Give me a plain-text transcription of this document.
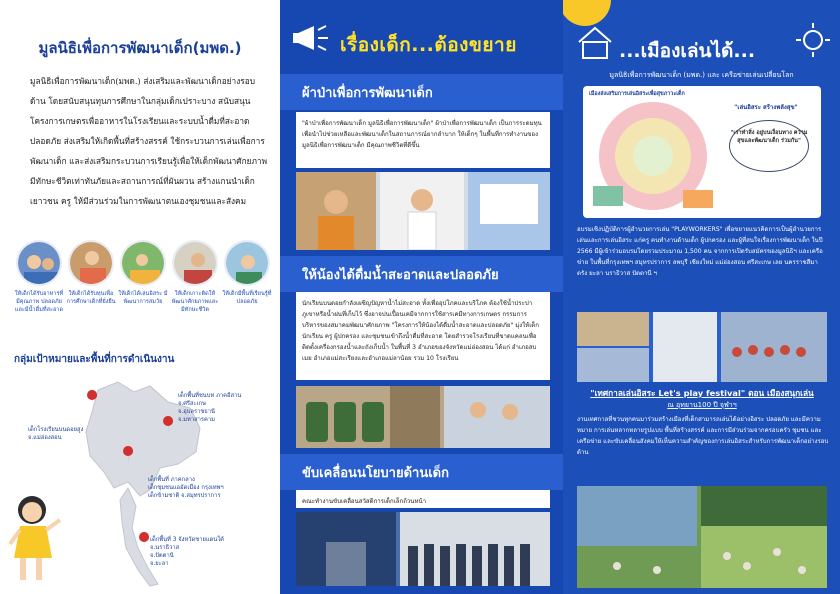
มูลนิธิเพื่อการพัฒนาเด็ก(มพด.)
มูลนิธิเพื่อการพัฒนาเด็ก(มพด.) ส่งเสริมและพัฒนาเด็กอย่างรอบด้าน โดยสนับสนุนทุนการศึกษาในกลุ่มเด็กเปราะบาง สนับสนุนโครงการเกษตรเพื่ออาหารในโรงเรียนและระบบน้ำดื่มที่สะอาดปลอดภัย ส่งเสริมให้เกิดพื้นที่สร้างสรรค์ ใช้กระบวนการเล่นเพื่อการพัฒนาเด็ก และส่งเสริมกระบวนการเรียนรู้เพื่อให้เด็กพัฒนาศักยภาพ มีทักษะชีวิตเท่าทันภัยและสถานการณ์ที่ผันผวน สร้างแกนนำเด็ก เยาวชน ครู ให้มีส่วนร่วมในการพัฒนาตนเองชุมชนและสังคม
ให้เด็กได้รับอาหารที่มีคุณภาพ ปลอดภัย และมีน้ำดื่มที่สะอาด
ให้เด็กได้รับทุนเพื่อการศึกษาเด็กที่ยั่งยืน
ให้เด็กได้เล่นอิสระ มีพัฒนาการสมวัย
ให้เด็กเกาะติดให้พัฒนาศักยภาพและมีทักษะชีวิต
ให้เด็กมีพื้นที่เรียนรู้ที่ปลอดภัย
กลุ่มเป้าหมายและพื้นที่การดำเนินงาน
เด็กโรงเรียนบนดอยสูง
จ.แม่ฮ่องสอน
เด็กพื้นที่ชนบท ภาคอีสาน
จ.ศรีสะเกษ
จ.อุบลราชธานี
จ.มหาสารคาม
เด็กพื้นที่ ภาคกลาง
เด็กชุมชนแออัดเมือง กรุงเทพฯ
เด็กข้ามชาติ จ.สมุทรปราการ
เด็กพื้นที่ 3 จังหวัดชายแดนใต้
จ.นราธิวาส
จ.ปัตตานี
จ.ยะลา
เรื่องเด็ก...ต้องขยาย
ผ้าป่าเพื่อการพัฒนาเด็ก
"ผ้าป่าเพื่อการพัฒนาเด็ก มูลนิธิเพื่อการพัฒนาเด็ก" ผ้าป่าเพื่อการพัฒนาเด็ก เป็นการระดมทุนเพื่อนำไปช่วยเหลือและพัฒนาเด็กในสถานการณ์ยากลำบาก ให้เด็กๆ ในพื้นที่การทำงานของมูลนิธิเพื่อการพัฒนาเด็ก มีคุณภาพชีวิตที่ดีขึ้น
ให้น้องได้ดื่มน้ำสะอาดและปลอดภัย
นักเรียนบนดอยกำลังเผชิญปัญหาน้ำไม่สะอาด ทั้งเพื่ออุปโภคและบริโภค ต้องใช้น้ำประปาภูเขาหรือน้ำฝนที่เก็บไว้ ซึ่งอาจปนเปื้อนเคมีจากการใช้สารเคมีทางการเกษตร กรรมการบริหารของสมาคมพัฒนาศักยภาพ "โครงการให้น้องได้ดื่มน้ำสะอาดและปลอดภัย" มุ่งให้เด็กนักเรียน ครู ผู้ปกครอง และชุมชนเข้าถึงน้ำดื่มที่สะอาด โดยสำรวจโรงเรียนที่ขาดแคลนเพื่อติดตั้งเครื่องกรองน้ำและถังเก็บน้ำ ในพื้นที่ 3 อำเภอของจังหวัดแม่ฮ่องสอน ได้แก่ อำเภอสบเมย อำเภอแม่สะเรียงและอำเภอแม่ลาน้อย รวม 10 โรงเรียน
ขับเคลื่อนนโยบายด้านเด็ก
คณะทำงานขับเคลื่อนสวัสดิการเด็กเล็กถ้วนหน้า
...เมืองเล่นได้...
มูลนิธิเพื่อการพัฒนาเด็ก (มพด.) และ เครือข่ายเล่นเปลี่ยนโลก
เมืองส่งเสริมการเล่นอิสระเพื่อสุขภาวะเด็ก
"เล่นอิสระ สร้างพลังสุข"
"เราทำสิ่ง อยู่บนเงื่อนทาง ความสุขและพัฒนาเด็ก ร่วมกัน"
อบรมเชิงปฏิบัติการผู้อำนวยการเล่น "PLAYWORKERS" เพื่อขยายแนวคิดการเป็นผู้อำนวยการเล่นและการเล่นอิสระ แก่ครู คนทำงานด้านเด็ก ผู้ปกครอง และผู้ที่สนใจเรื่องการพัฒนาเด็ก ในปี 2566 มีผู้เข้าร่วมอบรมโดยรวมประมาณ 1,500 คน จากการเปิดรับสมัครของมูลนิธิฯ และเครือข่าย ในพื้นที่กรุงเทพฯ สมุทรปราการ ลพบุรี เชียงใหม่ แม่ฮ่องสอน ศรีสะเกษ เลย นครราชสีมา ตรัง ยะลา นราธิวาส ปัตตานี ฯ
"เทศกาลเล่นอิสระ Let's play festival" ตอน เมืองสนุกเล่น
ณ อุทยาน100 ปี จุฬาฯ
งานเทศกาลที่ชวนทุกคนมาร่วมสร้างเมืองที่เด็กสามารถเล่นได้อย่างอิสระ ปลอดภัย และมีความหมาย การเล่นหลากหลายรูปแบบ พื้นที่สร้างสรรค์ และการมีส่วนร่วมจากครอบครัว ชุมชน และเครือข่าย และขับเคลื่อนสังคมให้เห็นความสำคัญของการเล่นอิสระสำหรับการพัฒนาเด็กอย่างรอบด้าน
